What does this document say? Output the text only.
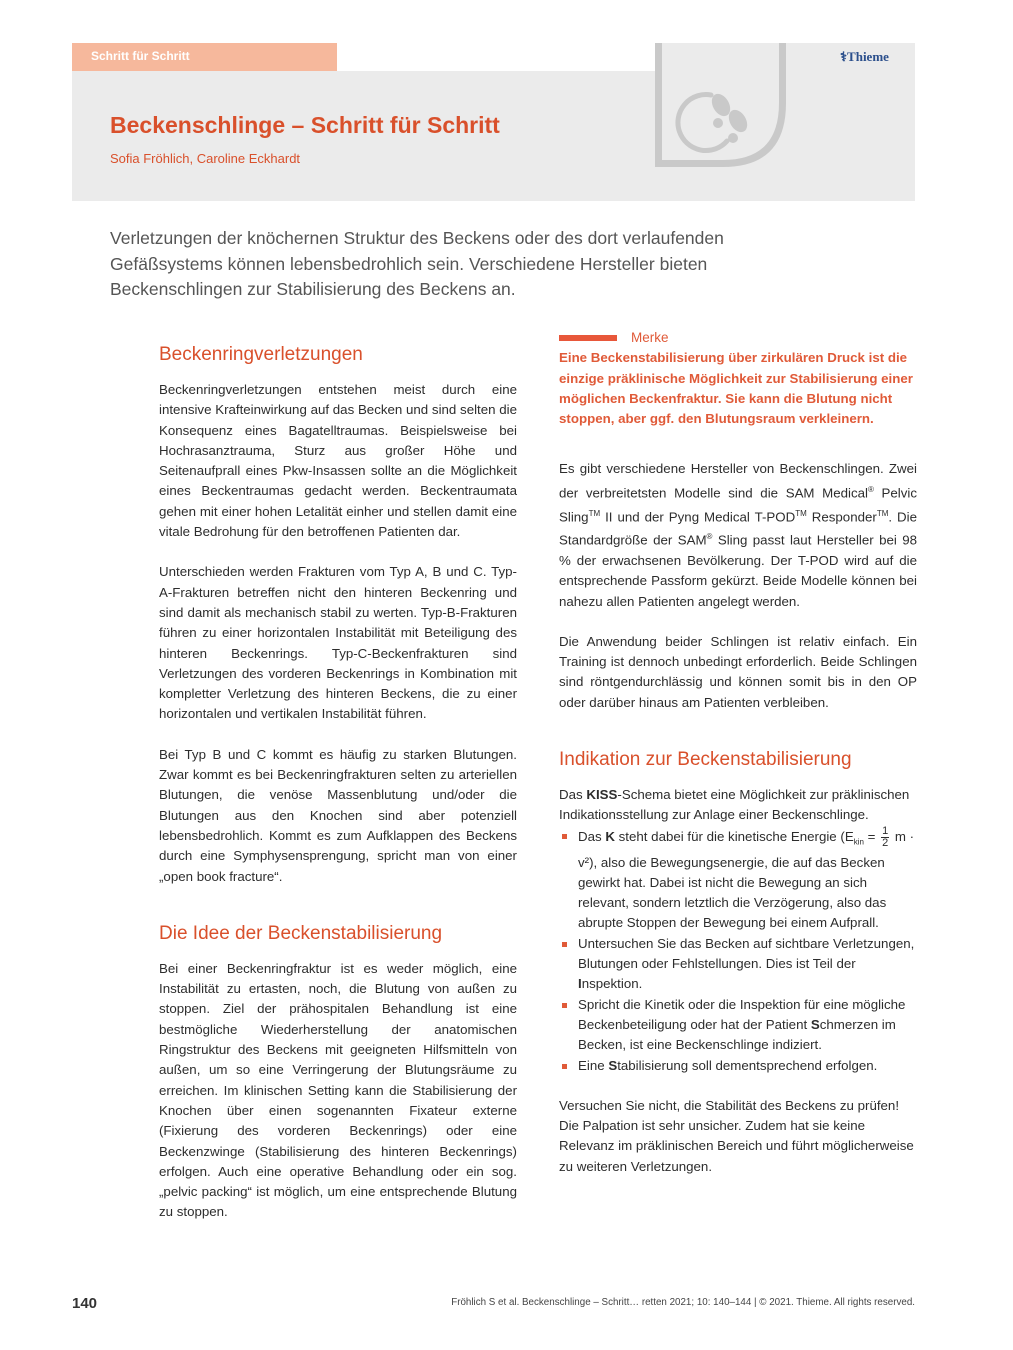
Schritt für Schritt	⚕Thieme
Beckenschlinge – Schritt für Schritt
Sofia Fröhlich, Caroline Eckhardt

Verletzungen der knöchernen Struktur des Beckens oder des dort verlaufenden Gefäßsystems können lebensbedrohlich sein. Verschiedene Hersteller bieten Beckenschlingen zur Stabilisierung des Beckens an.

Beckenringverletzungen

Beckenringverletzungen entstehen meist durch eine intensive Krafteinwirkung auf das Becken und sind selten die Konsequenz eines Bagatelltraumas. Beispielsweise bei Hochrasanztrauma, Sturz aus großer Höhe und Seitenaufprall eines Pkw-Insassen sollte an die Möglichkeit eines Beckentraumas gedacht werden. Beckentraumata gehen mit einer hohen Letalität einher und stellen damit eine vitale Bedrohung für den betroffenen Patienten dar.

Unterschieden werden Frakturen vom Typ A, B und C. Typ-A-Frakturen betreffen nicht den hinteren Beckenring und sind damit als mechanisch stabil zu werten. Typ-B-Frakturen führen zu einer horizontalen Instabilität mit Beteiligung des hinteren Beckenrings. Typ-C-Beckenfrakturen sind Verletzungen des vorderen Beckenrings in Kombination mit kompletter Verletzung des hinteren Beckens, die zu einer horizontalen und vertikalen Instabilität führen.

Bei Typ B und C kommt es häufig zu starken Blutungen. Zwar kommt es bei Beckenringfrakturen selten zu arteriellen Blutungen, die venöse Massenblutung und/oder die Blutungen aus den Knochen sind aber potenziell lebensbedrohlich. Kommt es zum Aufklappen des Beckens durch eine Symphysensprengung, spricht man von einer „open book fracture“.

Die Idee der Beckenstabilisierung

Bei einer Beckenringfraktur ist es weder möglich, eine Instabilität zu ertasten, noch, die Blutung von außen zu stoppen. Ziel der prähospitalen Behandlung ist eine bestmögliche Wiederherstellung der anatomischen Ringstruktur des Beckens mit geeigneten Hilfsmitteln von außen, um so eine Verringerung der Blutungsräume zu erreichen. Im klinischen Setting kann die Stabilisierung der Knochen über einen sogenannten Fixateur externe (Fixierung des vorderen Beckenrings) oder eine Beckenzwinge (Stabilisierung des hinteren Beckenrings) erfolgen. Auch eine operative Behandlung oder ein sog. „pelvic packing“ ist möglich, um eine entsprechende Blutung zu stoppen.

Merke

Eine Beckenstabilisierung über zirkulären Druck ist die einzige präklinische Möglichkeit zur Stabilisierung einer möglichen Beckenfraktur. Sie kann die Blutung nicht stoppen, aber ggf. den Blutungsraum verkleinern.

Es gibt verschiedene Hersteller von Beckenschlingen. Zwei der verbreitetsten Modelle sind die SAM Medical® Pelvic Sling™ II und der Pyng Medical T-POD™ Responder™. Die Standardgröße der SAM® Sling passt laut Hersteller bei 98 % der erwachsenen Bevölkerung. Der T-POD wird auf die entsprechende Passform gekürzt. Beide Modelle können bei nahezu allen Patienten angelegt werden.

Die Anwendung beider Schlingen ist relativ einfach. Ein Training ist dennoch unbedingt erforderlich. Beide Schlingen sind röntgendurchlässig und können somit bis in den OP oder darüber hinaus am Patienten verbleiben.

Indikation zur Beckenstabilisierung

Das KISS-Schema bietet eine Möglichkeit zur präklinischen Indikationsstellung zur Anlage einer Beckenschlinge.

Das K steht dabei für die kinetische Energie ($E_{kin} = \frac{1}{2}$ m · v²), also die Bewegungsenergie, die auf das Becken gewirkt hat. Dabei ist nicht die Bewegung an sich relevant, sondern letztlich die Verzögerung, also das abrupte Stoppen der Bewegung bei einem Aufprall.
Untersuchen Sie das Becken auf sichtbare Verletzungen, Blutungen oder Fehlstellungen. Dies ist Teil der Inspektion.
Spricht die Kinetik oder die Inspektion für eine mögliche Beckenbeteiligung oder hat der Patient Schmerzen im Becken, ist eine Beckenschlinge indiziert.
Eine Stabilisierung soll dementsprechend erfolgen.

Versuchen Sie nicht, die Stabilität des Beckens zu prüfen! Die Palpation ist sehr unsicher. Zudem hat sie keine Relevanz im präklinischen Bereich und führt möglicherweise zu weiteren Verletzungen.

140	Fröhlich S et al. Beckenschlinge – Schritt… retten 2021; 10: 140–144 | © 2021. Thieme. All rights reserved.
